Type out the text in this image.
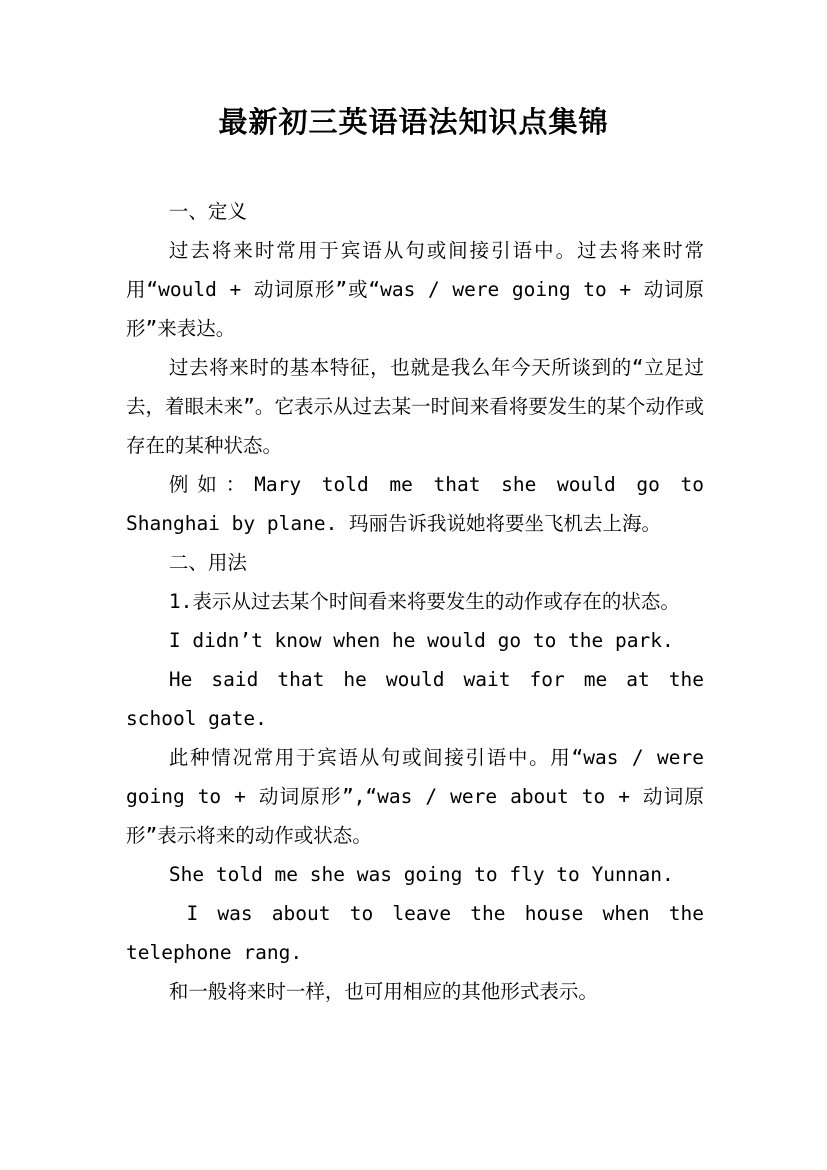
最新初三英语语法知识点集锦

一、定义

过去将来时常用于宾语从句或间接引语中。过去将来时常用“would + 动词原形”或“was / were going to + 动词原形”来表达。

过去将来时的基本特征，也就是我么年今天所谈到的“立足过去，着眼未来”。它表示从过去某一时间来看将要发生的某个动作或存在的某种状态。

例如：Mary told me that she would go to Shanghai by plane. 玛丽告诉我说她将要坐飞机去上海。

二、用法

1.表示从过去某个时间看来将要发生的动作或存在的状态。

I didn’t know when he would go to the park.

He said that he would wait for me at the school gate.

此种情况常用于宾语从句或间接引语中。用“was / were going to + 动词原形”,“was / were about to + 动词原形”表示将来的动作或状态。

She told me she was going to fly to Yunnan.

I was about to leave the house when the telephone rang.

和一般将来时一样，也可用相应的其他形式表示。
